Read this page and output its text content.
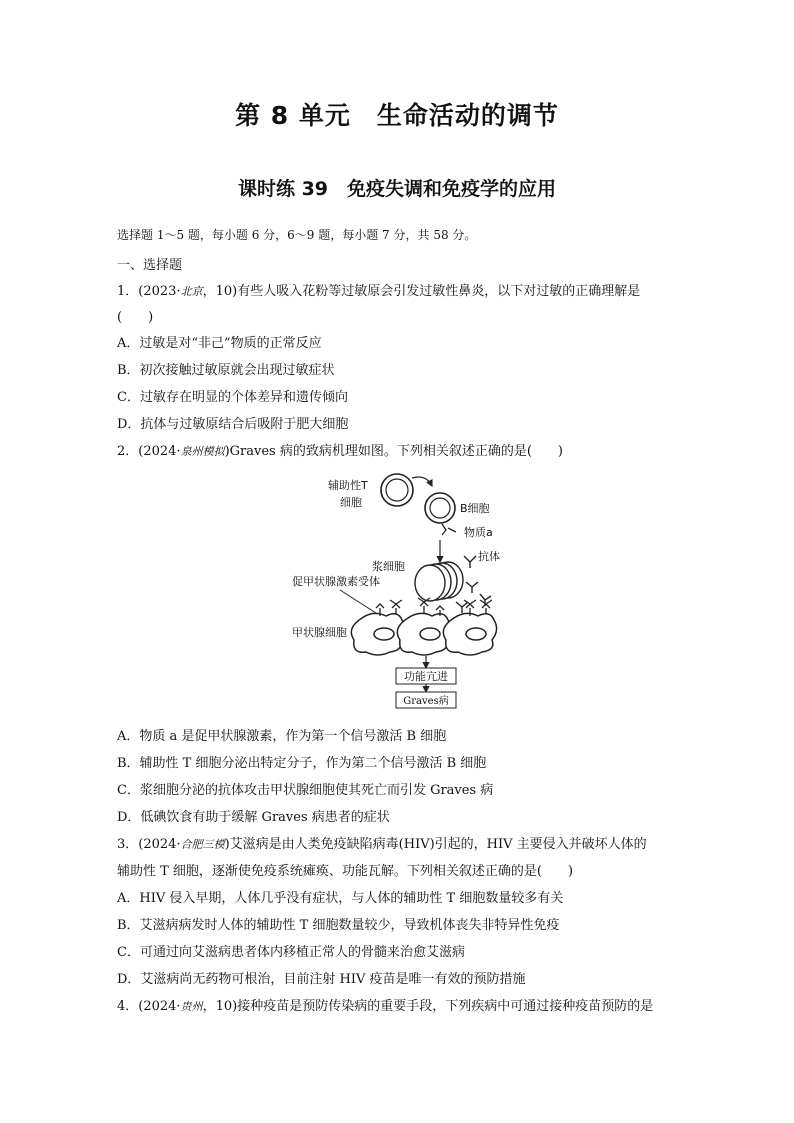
第 8 单元　生命活动的调节
课时练 39　免疫失调和免疫学的应用
选择题 1～5 题，每小题 6 分，6～9 题，每小题 7 分，共 58 分。
一、选择题
1．(2023·北京，10)有些人吸入花粉等过敏原会引发过敏性鼻炎，以下对过敏的正确理解是
(　　)
A．过敏是对“非己”物质的正常反应
B．初次接触过敏原就会出现过敏症状
C．过敏存在明显的个体差异和遗传倾向
D．抗体与过敏原结合后吸附于肥大细胞
2．(2024·泉州模拟)Graves 病的致病机理如图。下列相关叙述正确的是(　　)
辅助性T
细胞	B细胞
物质a
浆细胞
抗体
促甲状腺激素受体
甲状腺细胞
功能亢进
Graves病
A．物质 a 是促甲状腺激素，作为第一个信号激活 B 细胞
B．辅助性 T 细胞分泌出特定分子，作为第二个信号激活 B 细胞
C．浆细胞分泌的抗体攻击甲状腺细胞使其死亡而引发 Graves 病
D．低碘饮食有助于缓解 Graves 病患者的症状
3．(2024·合肥三模)艾滋病是由人类免疫缺陷病毒(HIV)引起的，HIV 主要侵入并破坏人体的
辅助性 T 细胞，逐渐使免疫系统瘫痪、功能瓦解。下列相关叙述正确的是(　　)
A．HIV 侵入早期，人体几乎没有症状，与人体的辅助性 T 细胞数量较多有关
B．艾滋病病发时人体的辅助性 T 细胞数量较少，导致机体丧失非特异性免疫
C．可通过向艾滋病患者体内移植正常人的骨髓来治愈艾滋病
D．艾滋病尚无药物可根治，目前注射 HIV 疫苗是唯一有效的预防措施
4．(2024·贵州，10)接种疫苗是预防传染病的重要手段，下列疾病中可通过接种疫苗预防的是
